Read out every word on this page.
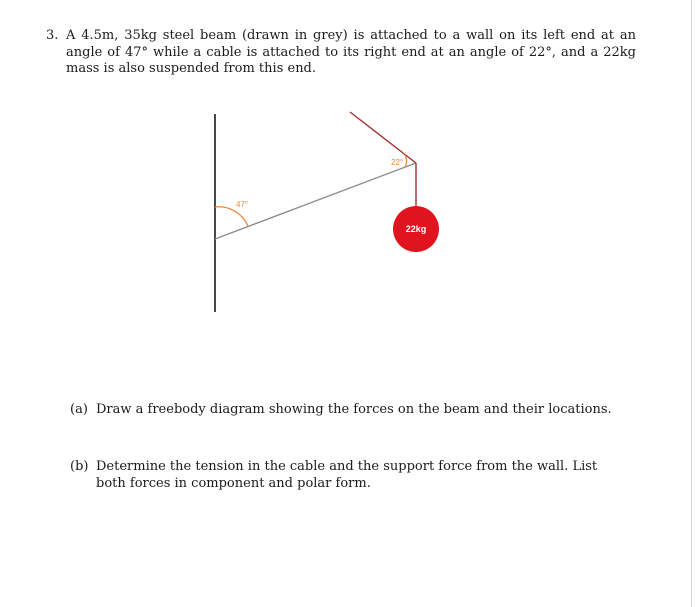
3. A 4.5m, 35kg steel beam (drawn in grey) is attached to a wall on its left end at an angle of 47° while a cable is attached to its right end at an angle of 22°, and a 22kg mass is also suspended from this end.
47°
22°
22kg
(a) Draw a freebody diagram showing the forces on the beam and their locations.
(b) Determine the tension in the cable and the support force from the wall. List both forces in component and polar form.
